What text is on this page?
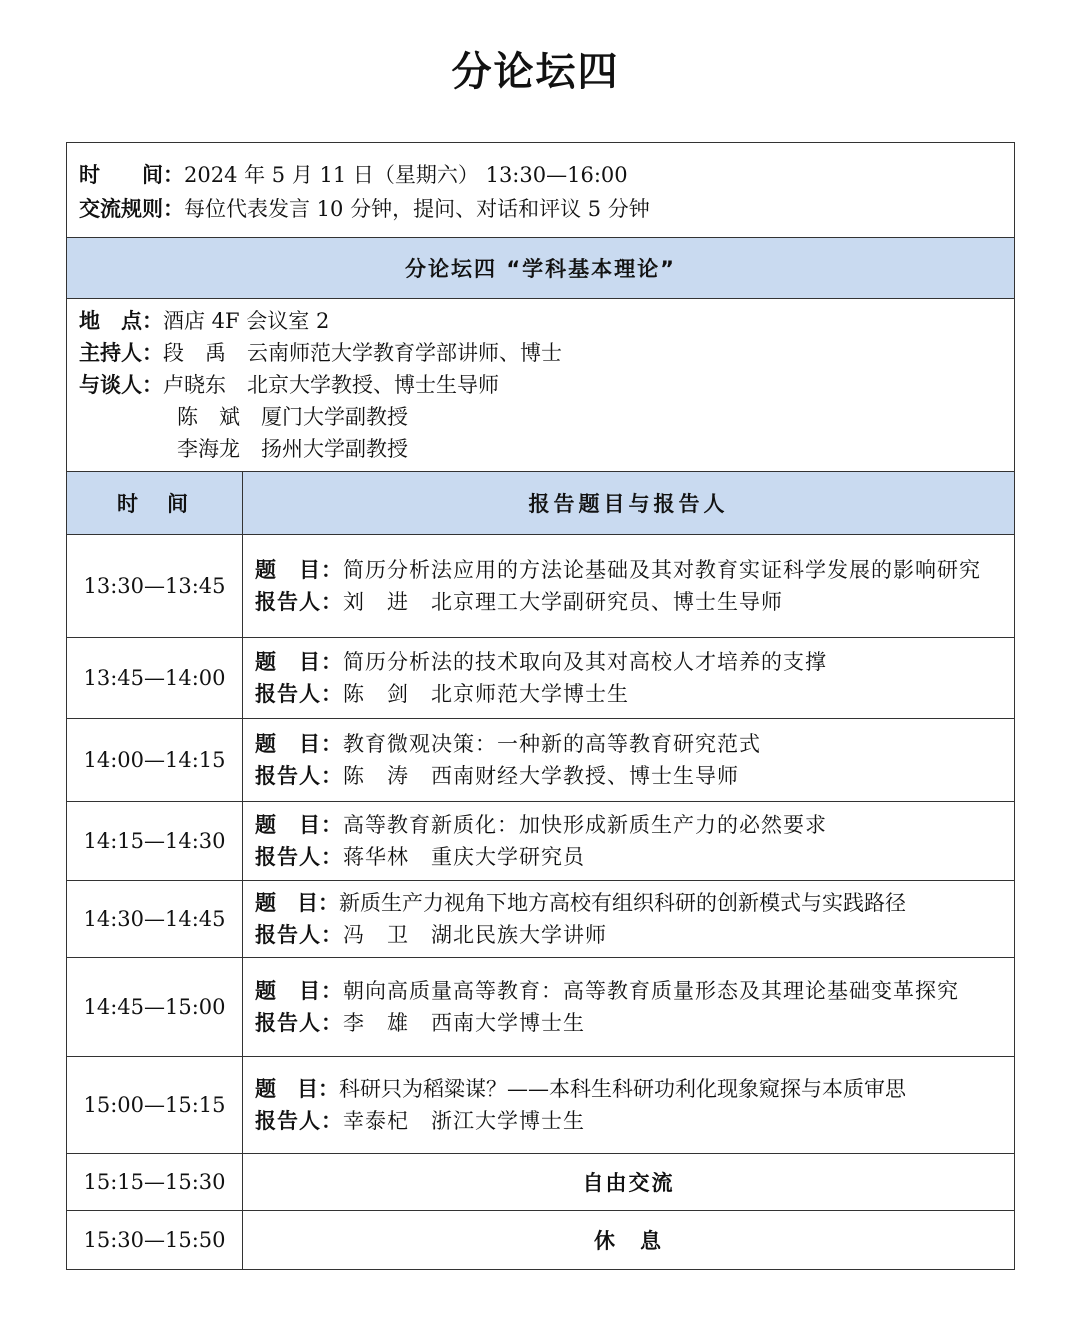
分论坛四
时　　间：2024 年 5 月 11 日（星期六） 13:30—16:00
交流规则：每位代表发言 10 分钟，提问、对话和评议 5 分钟	

分论坛四 “学科基本理论”	

地　点：酒店 4F 会议室 2
主持人：段　禹　云南师范大学教育学部讲师、博士
与谈人：卢晓东　北京大学教授、博士生导师
陈　斌　厦门大学副教授
李海龙　扬州大学副教授	

时　间	报告题目与报告人
13:30—13:45	题　目：简历分析法应用的方法论基础及其对教育实证科学发展的影响研究
报告人：刘　进　北京理工大学副研究员、博士生导师

13:45—14:00	题　目：简历分析法的技术取向及其对高校人才培养的支撑
报告人：陈　剑　北京师范大学博士生

14:00—14:15	题　目：教育微观决策：一种新的高等教育研究范式
报告人：陈　涛　西南财经大学教授、博士生导师

14:15—14:30	题　目：高等教育新质化：加快形成新质生产力的必然要求
报告人：蒋华林　重庆大学研究员

14:30—14:45	题　目：新质生产力视角下地方高校有组织科研的创新模式与实践路径
报告人：冯　卫　湖北民族大学讲师

14:45—15:00	题　目：朝向高质量高等教育：高等教育质量形态及其理论基础变革探究
报告人：李　雄　西南大学博士生

15:00—15:15	题　目：科研只为稻粱谋？——本科生科研功利化现象窥探与本质审思
报告人：幸泰杞　浙江大学博士生

15:15—15:30	自由交流
15:30—15:50	休　息
